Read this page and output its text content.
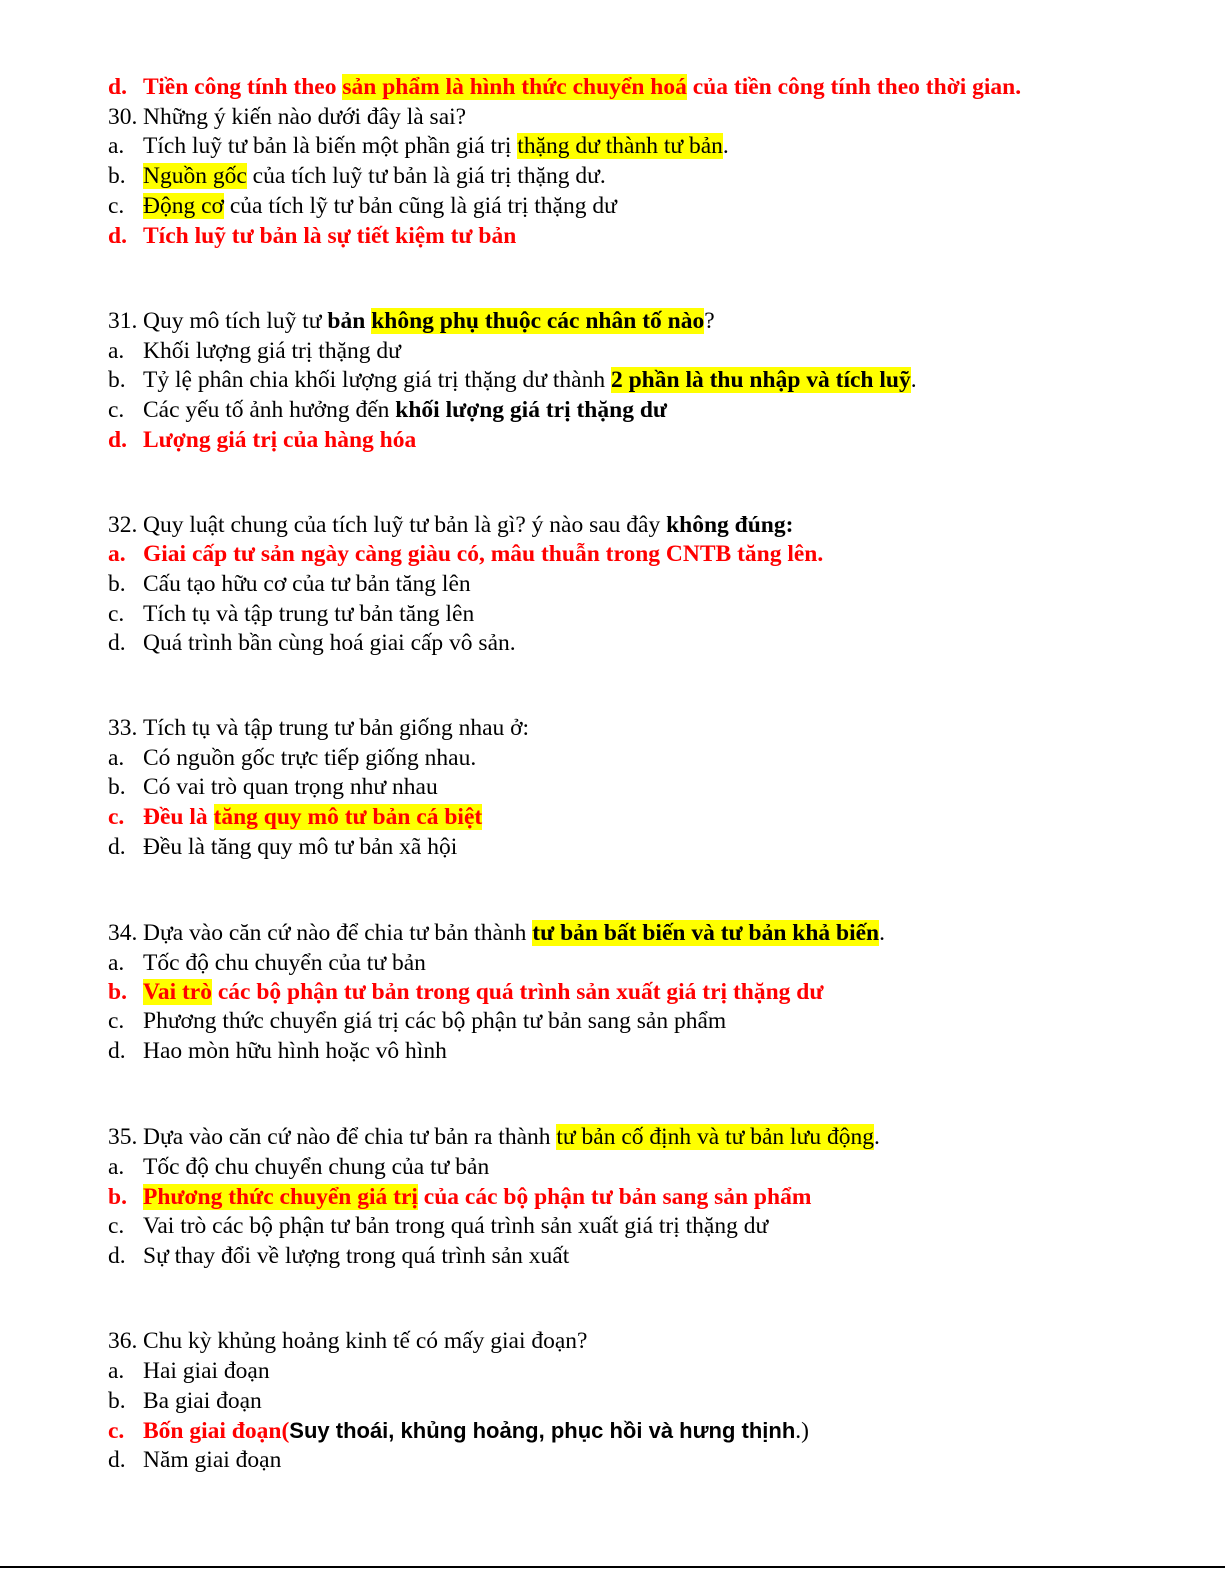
d. Tiền công tính theo sản phẩm là hình thức chuyển hoá của tiền công tính theo thời gian.
30. Những ý kiến nào dưới đây là sai?
a. Tích luỹ tư bản là biến một phần giá trị thặng dư thành tư bản.
b. Nguồn gốc của tích luỹ tư bản là giá trị thặng dư.
c. Động cơ của tích lỹ tư bản cũng là giá trị thặng dư
d. Tích luỹ tư bản là sự tiết kiệm tư bản
31. Quy mô tích luỹ tư bản không phụ thuộc các nhân tố nào?
a. Khối lượng giá trị thặng dư
b. Tỷ lệ phân chia khối lượng giá trị thặng dư thành 2 phần là thu nhập và tích luỹ.
c. Các yếu tố ảnh hưởng đến khối lượng giá trị thặng dư
d. Lượng giá trị của hàng hóa
32. Quy luật chung của tích luỹ tư bản là gì? ý nào sau đây không đúng:
a. Giai cấp tư sản ngày càng giàu có, mâu thuẫn trong CNTB tăng lên.
b. Cấu tạo hữu cơ của tư bản tăng lên
c. Tích tụ và tập trung tư bản tăng lên
d. Quá trình bần cùng hoá giai cấp vô sản.
33. Tích tụ và tập trung tư bản giống nhau ở:
a. Có nguồn gốc trực tiếp giống nhau.
b. Có vai trò quan trọng như nhau
c. Đều là tăng quy mô tư bản cá biệt
d. Đều là tăng quy mô tư bản xã hội
34. Dựa vào căn cứ nào để chia tư bản thành tư bản bất biến và tư bản khả biến.
a. Tốc độ chu chuyển của tư bản
b. Vai trò các bộ phận tư bản trong quá trình sản xuất giá trị thặng dư
c. Phương thức chuyển giá trị các bộ phận tư bản sang sản phẩm
d. Hao mòn hữu hình hoặc vô hình
35. Dựa vào căn cứ nào để chia tư bản ra thành tư bản cố định và tư bản lưu động.
a. Tốc độ chu chuyển chung của tư bản
b. Phương thức chuyển giá trị của các bộ phận tư bản sang sản phẩm
c. Vai trò các bộ phận tư bản trong quá trình sản xuất giá trị thặng dư
d. Sự thay đổi về lượng trong quá trình sản xuất
36. Chu kỳ khủng hoảng kinh tế có mấy giai đoạn?
a. Hai giai đoạn
b. Ba giai đoạn
c. Bốn giai đoạn(Suy thoái, khủng hoảng, phục hồi và hưng thịnh.)
d. Năm giai đoạn
